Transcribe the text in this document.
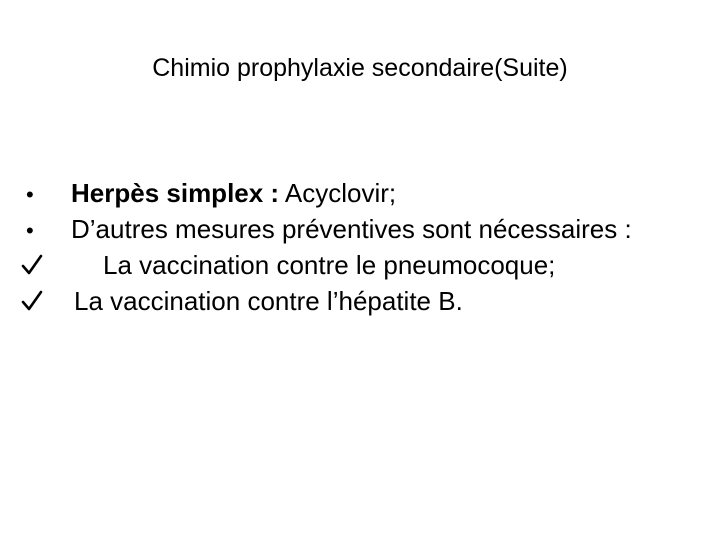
Chimio prophylaxie secondaire(Suite)
•	Herpès simplex : Acyclovir;
•	D’autres mesures préventives sont nécessaires :
La vaccination contre le pneumocoque;
La vaccination contre l’hépatite B.
